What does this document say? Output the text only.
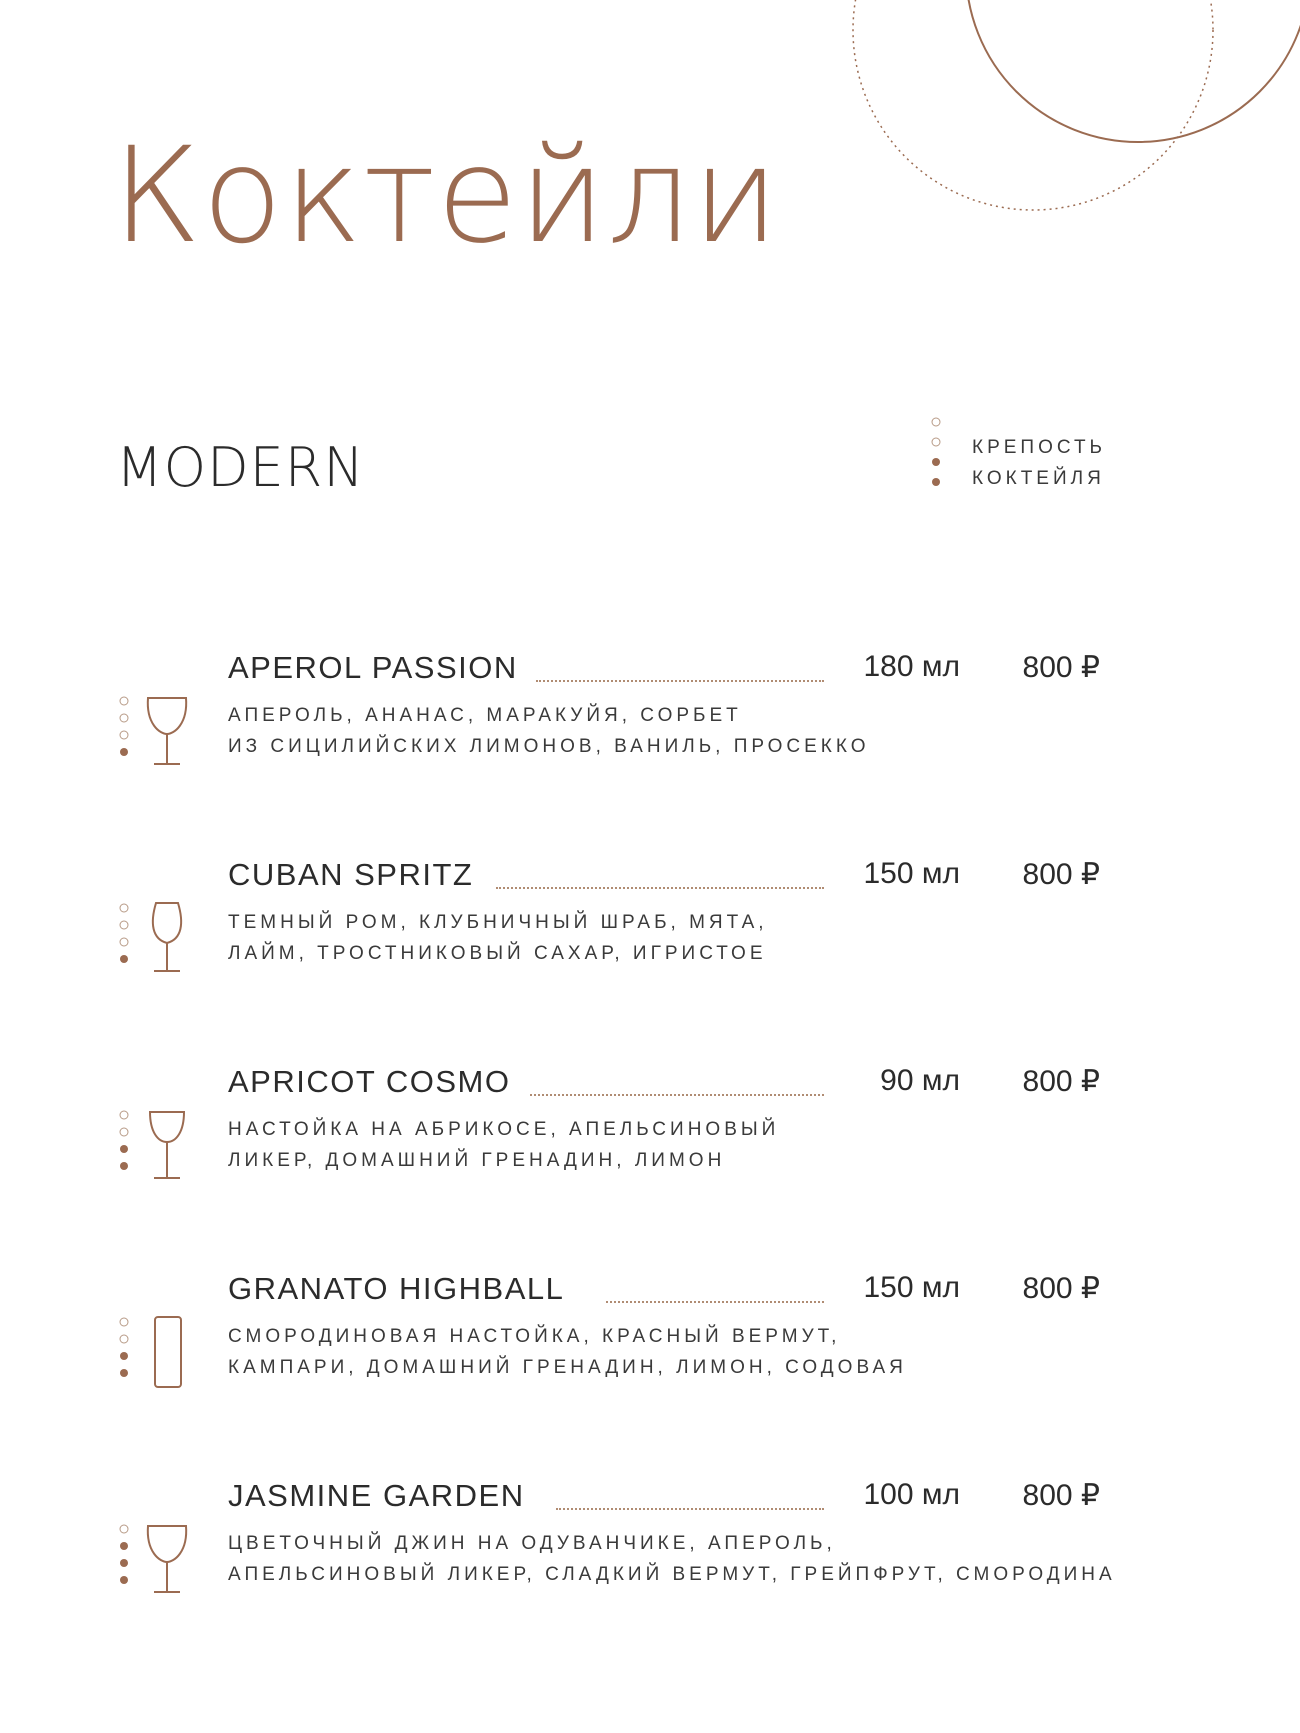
Коктейли
MODERN	КРЕПОСТЬ
КОКТЕЙЛЯ
APEROL PASSION	180 мл	800 ₽
АПЕРОЛЬ, АНАНАС, МАРАКУЙЯ, СОРБЕТ
ИЗ СИЦИЛИЙСКИХ ЛИМОНОВ, ВАНИЛЬ, ПРОСЕККО
CUBAN SPRITZ	150 мл	800 ₽
ТЕМНЫЙ РОМ, КЛУБНИЧНЫЙ ШРАБ, МЯТА,
ЛАЙМ, ТРОСТНИКОВЫЙ САХАР, ИГРИСТОЕ
APRICOT COSMO	90 мл	800 ₽
НАСТОЙКА НА АБРИКОСЕ, АПЕЛЬСИНОВЫЙ
ЛИКЕР, ДОМАШНИЙ ГРЕНАДИН, ЛИМОН
GRANATO HIGHBALL	150 мл	800 ₽
СМОРОДИНОВАЯ НАСТОЙКА, КРАСНЫЙ ВЕРМУТ,
КАМПАРИ, ДОМАШНИЙ ГРЕНАДИН, ЛИМОН, СОДОВАЯ
JASMINE GARDEN	100 мл	800 ₽
ЦВЕТОЧНЫЙ ДЖИН НА ОДУВАНЧИКЕ, АПЕРОЛЬ,
АПЕЛЬСИНОВЫЙ ЛИКЕР, СЛАДКИЙ ВЕРМУТ, ГРЕЙПФРУТ, СМОРОДИНА
